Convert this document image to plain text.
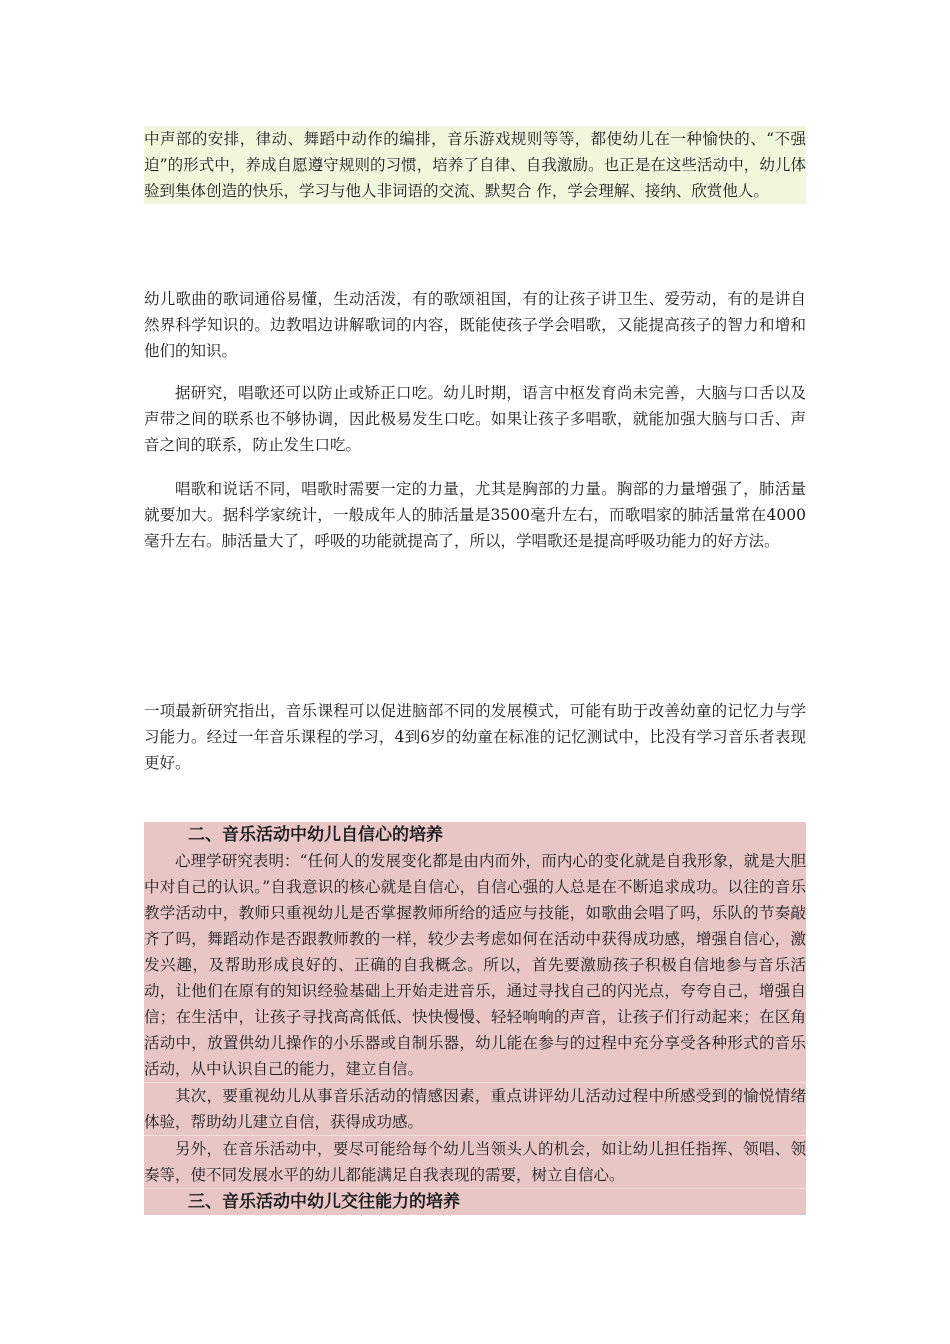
中声部的安排，律动、舞蹈中动作的编排，音乐游戏规则等等，都使幼儿在一种愉快的、“不强迫”的形式中，养成自愿遵守规则的习惯，培养了自律、自我激励。也正是在这些活动中，幼儿体验到集体创造的快乐，学习与他人非词语的交流、默契合 作，学会理解、接纳、欣赏他人。

幼儿歌曲的歌词通俗易懂，生动活泼，有的歌颂祖国，有的让孩子讲卫生、爱劳动，有的是讲自然界科学知识的。边教唱边讲解歌词的内容，既能使孩子学会唱歌，又能提高孩子的智力和增和他们的知识。

据研究，唱歌还可以防止或矫正口吃。幼儿时期，语言中枢发育尚未完善，大脑与口舌以及声带之间的联系也不够协调，因此极易发生口吃。如果让孩子多唱歌，就能加强大脑与口舌、声音之间的联系，防止发生口吃。

唱歌和说话不同，唱歌时需要一定的力量，尤其是胸部的力量。胸部的力量增强了，肺活量就要加大。据科学家统计，一般成年人的肺活量是3500毫升左右，而歌唱家的肺活量常在4000毫升左右。肺活量大了，呼吸的功能就提高了，所以，学唱歌还是提高呼吸功能力的好方法。

一项最新研究指出，音乐课程可以促进脑部不同的发展模式，可能有助于改善幼童的记忆力与学习能力。经过一年音乐课程的学习，4到6岁的幼童在标准的记忆测试中，比没有学习音乐者表现更好。

二、音乐活动中幼儿自信心的培养

心理学研究表明：“任何人的发展变化都是由内而外，而内心的变化就是自我形象，就是大胆中对自己的认识。”自我意识的核心就是自信心，自信心强的人总是在不断追求成功。以往的音乐教学活动中，教师只重视幼儿是否掌握教师所给的适应与技能，如歌曲会唱了吗，乐队的节奏敲齐了吗，舞蹈动作是否跟教师教的一样，较少去考虑如何在活动中获得成功感，增强自信心，激发兴趣，及帮助形成良好的、正确的自我概念。所以，首先要激励孩子积极自信地参与音乐活动，让他们在原有的知识经验基础上开始走进音乐，通过寻找自己的闪光点，夸夸自己，增强自信；在生活中，让孩子寻找高高低低、快快慢慢、轻轻响响的声音，让孩子们行动起来；在区角活动中，放置供幼儿操作的小乐器或自制乐器，幼儿能在参与的过程中充分享受各种形式的音乐活动，从中认识自己的能力，建立自信。

其次，要重视幼儿从事音乐活动的情感因素，重点讲评幼儿活动过程中所感受到的愉悦情绪体验，帮助幼儿建立自信，获得成功感。

另外，在音乐活动中，要尽可能给每个幼儿当领头人的机会，如让幼儿担任指挥、领唱、领奏等，使不同发展水平的幼儿都能满足自我表现的需要，树立自信心。

三、音乐活动中幼儿交往能力的培养
